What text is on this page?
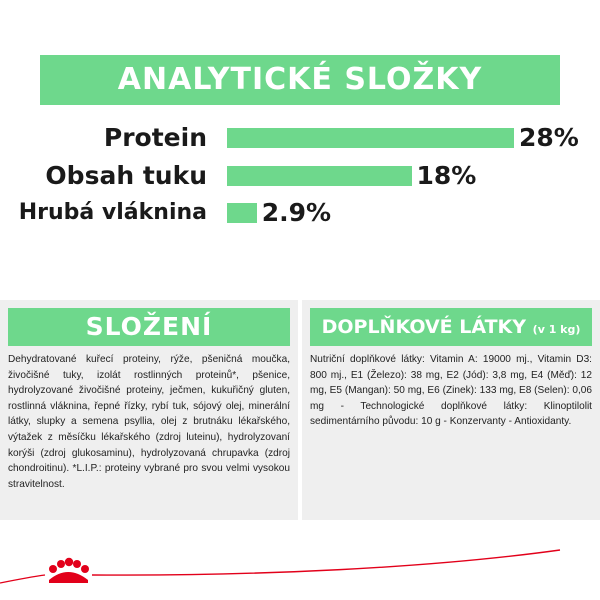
ANALYTICKÉ SLOŽKY
Protein	28%
Obsah tuku	18%
Hrubá vláknina 2.9%
SLOŽENÍ

Dehydratované kuřecí proteiny, rýže, pšeničná moučka, živočišné tuky, izolát rostlinných proteinů*, pšenice, hydrolyzované živočišné proteiny, ječmen, kukuřičný gluten, rostlinná vláknina, řepné řízky, rybí tuk, sójový olej, minerální látky, slupky a semena psyllia, olej z brutnáku lékařského, výtažek z měsíčku lékařského (zdroj luteinu), hydrolyzovaní korýši (zdroj glukosaminu), hydrolyzovaná chrupavka (zdroj chondroitinu). *L.I.P.: proteiny vybrané pro svou velmi vysokou stravitelnost.

DOPLŇKOVÉ LÁTKY (v 1 kg)

Nutriční doplňkové látky: Vitamin A: 19000 mj., Vitamin D3: 800 mj., E1 (Železo): 38 mg, E2 (Jód): 3,8 mg, E4 (Měď): 12 mg, E5 (Mangan): 50 mg, E6 (Zinek): 133 mg, E8 (Selen): 0,06 mg - Technologické doplňkové látky: Klinoptilolit sedimentárního původu: 10 g - Konzervanty - Antioxidanty.
